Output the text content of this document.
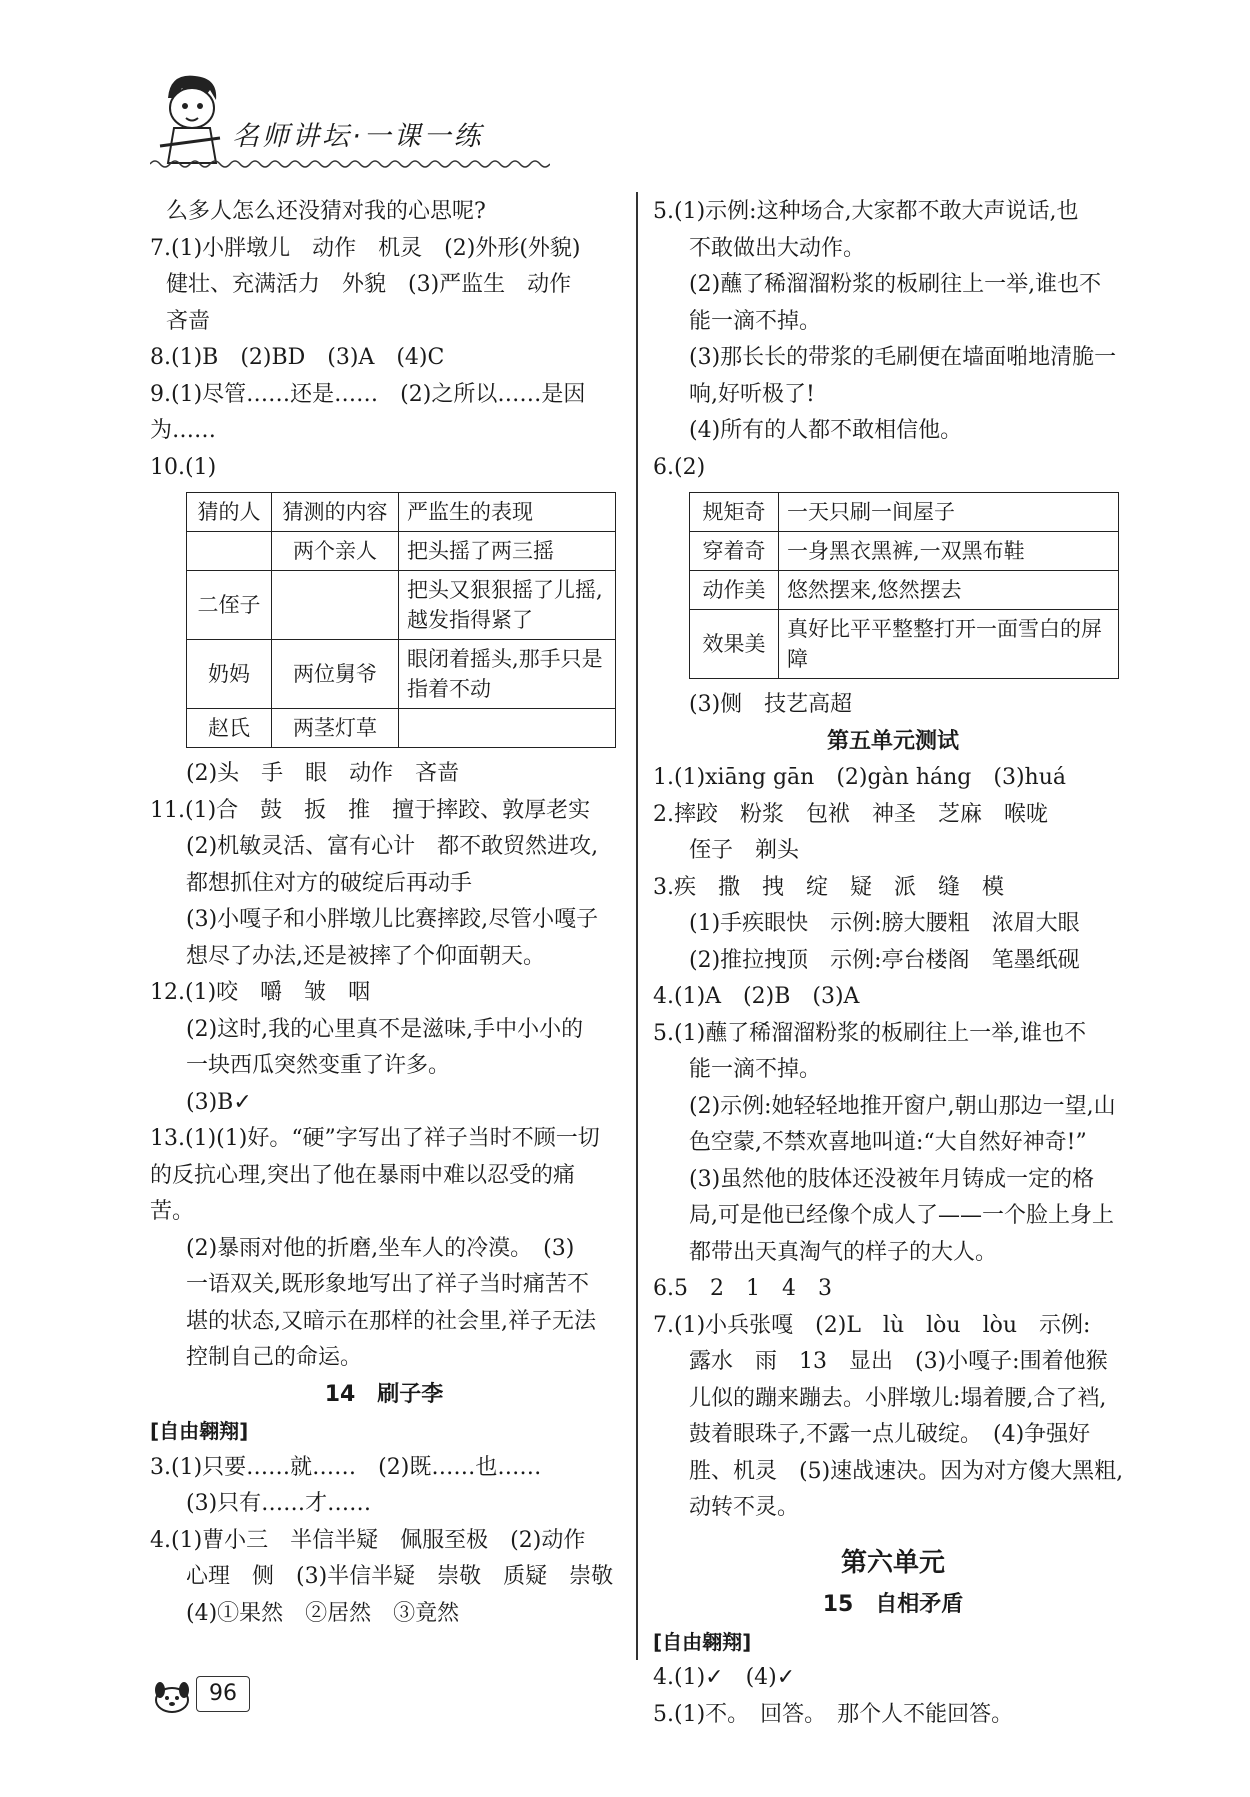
名师讲坛·一课一练
么多人怎么还没猜对我的心思呢?
7.(1)小胖墩儿　动作　机灵　(2)外形(外貌)
健壮、充满活力　外貌　(3)严监生　动作
吝啬
8.(1)B　(2)BD　(3)A　(4)C
9.(1)尽管……还是……　(2)之所以……是因
为……
10.(1)
猜的人	猜测的内容	严监生的表现
	两个亲人	把头摇了两三摇
二侄子		把头又狠狠摇了儿摇,越发指得紧了
奶妈	两位舅爷	眼闭着摇头,那手只是指着不动
赵氏	两茎灯草	
(2)头　手　眼　动作　吝啬
11.(1)合　鼓　扳　推　擅于摔跤、敦厚老实
(2)机敏灵活、富有心计　都不敢贸然进攻,
都想抓住对方的破绽后再动手
(3)小嘎子和小胖墩儿比赛摔跤,尽管小嘎子
想尽了办法,还是被摔了个仰面朝天。
12.(1)咬　嚼　皱　咽
(2)这时,我的心里真不是滋味,手中小小的
一块西瓜突然变重了许多。
(3)B✓
13.(1)(1)好。“硬”字写出了祥子当时不顾一切
的反抗心理,突出了他在暴雨中难以忍受的痛
苦。
(2)暴雨对他的折磨,坐车人的冷漠。　(3)
一语双关,既形象地写出了祥子当时痛苦不
堪的状态,又暗示在那样的社会里,祥子无法
控制自己的命运。
14　刷子李
[自由翱翔]
3.(1)只要……就……　(2)既……也……
(3)只有……才……
4.(1)曹小三　半信半疑　佩服至极　(2)动作
心理　侧　(3)半信半疑　崇敬　质疑　崇敬
(4)①果然　②居然　③竟然
5.(1)示例:这种场合,大家都不敢大声说话,也
不敢做出大动作。
(2)蘸了稀溜溜粉浆的板刷往上一举,谁也不
能一滴不掉。
(3)那长长的带浆的毛刷便在墙面啪地清脆一
响,好听极了!
(4)所有的人都不敢相信他。
6.(2)
规矩奇	一天只刷一间屋子
穿着奇	一身黑衣黑裤,一双黑布鞋
动作美	悠然摆来,悠然摆去
效果美	真好比平平整整打开一面雪白的屏障
(3)侧　技艺高超
第五单元测试
1.(1)xiāng gān　(2)gàn háng　(3)huá
2.摔跤　粉浆　包袱　神圣　芝麻　喉咙
侄子　剃头
3.疾　撒　拽　绽　疑　派　缝　模
(1)手疾眼快　示例:膀大腰粗　浓眉大眼
(2)推拉拽顶　示例:亭台楼阁　笔墨纸砚
4.(1)A　(2)B　(3)A
5.(1)蘸了稀溜溜粉浆的板刷往上一举,谁也不
能一滴不掉。
(2)示例:她轻轻地推开窗户,朝山那边一望,山
色空蒙,不禁欢喜地叫道:“大自然好神奇!”
(3)虽然他的肢体还没被年月铸成一定的格
局,可是他已经像个成人了——一个脸上身上
都带出天真淘气的样子的大人。
6.5　2　1　4　3
7.(1)小兵张嘎　(2)L　lù　lòu　lòu　示例:
露水　雨　13　显出　(3)小嘎子:围着他猴
儿似的蹦来蹦去。小胖墩儿:塌着腰,合了裆,
鼓着眼珠子,不露一点儿破绽。　(4)争强好
胜、机灵　(5)速战速决。因为对方傻大黑粗,
动转不灵。
第六单元
15　自相矛盾
[自由翱翔]
4.(1)✓　(4)✓
5.(1)不。　回答。　那个人不能回答。
96
